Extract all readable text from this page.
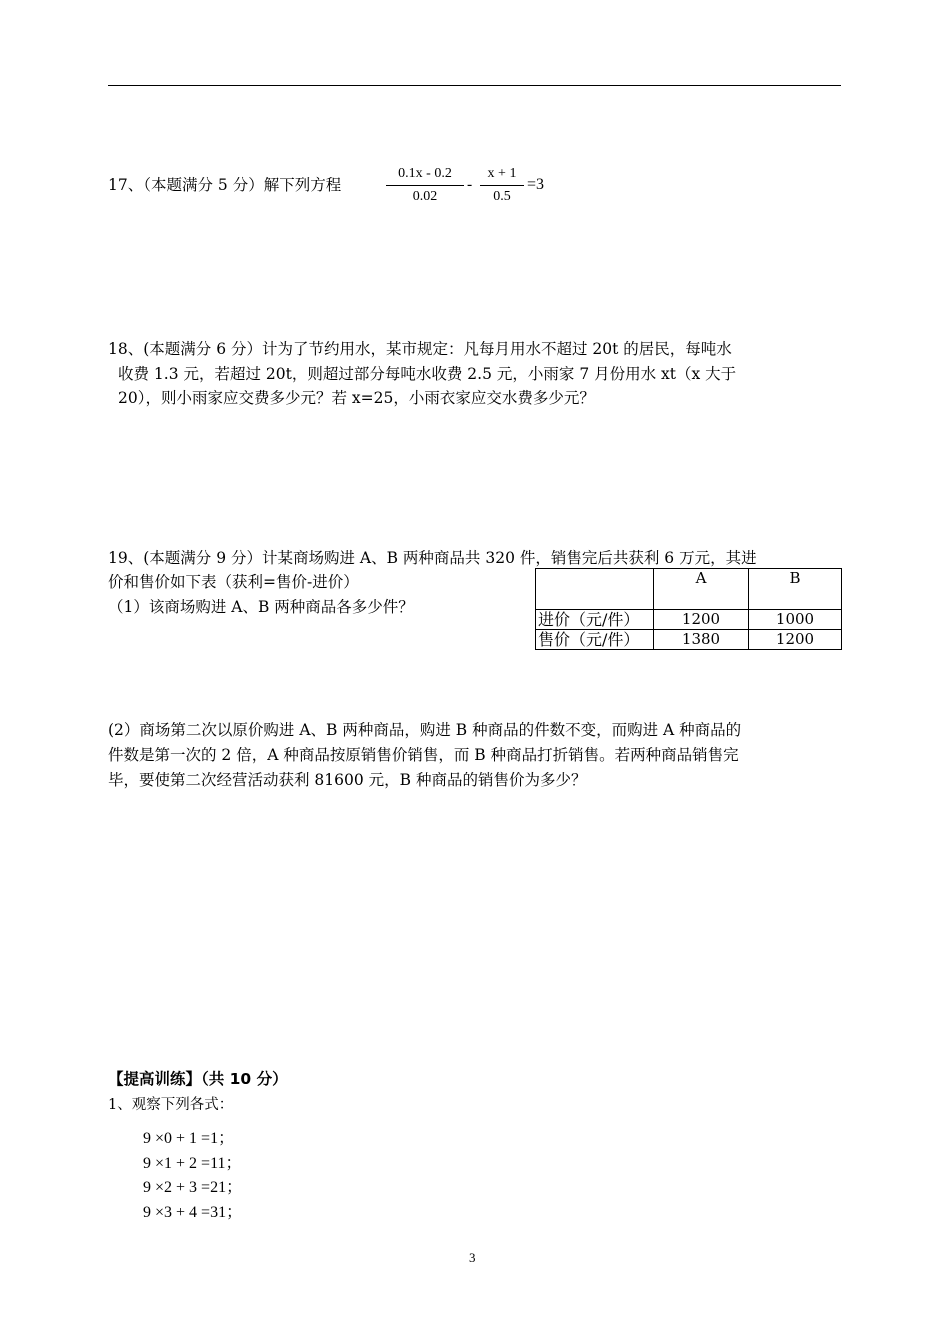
17、（本题满分 5 分）解下列方程	$\frac{0.1x - 0.2}{0.02} - \frac{x + 1}{0.5} =3$
18、(本题满分 6 分）计为了节约用水，某市规定：凡每月用水不超过 20t 的居民，每吨水
收费 1.3 元，若超过 20t，则超过部分每吨水收费 2.5 元，小雨家 7 月份用水 xt（x 大于
20），则小雨家应交费多少元？若 x=25，小雨衣家应交水费多少元？
19、(本题满分 9 分）计某商场购进 A、B 两种商品共 320 件，销售完后共获利 6 万元，其进
价和售价如下表（获利=售价-进价）
（1）该商场购进 A、B 两种商品各多少件？
	A	B
进价（元/件）	1200	1000
售价（元/件）	1380	1200
(2）商场第二次以原价购进 A、B 两种商品，购进 B 种商品的件数不变，而购进 A 种商品的
件数是第一次的 2 倍，A 种商品按原销售价销售，而 B 种商品打折销售。若两种商品销售完
毕，要使第二次经营活动获利 81600 元，B 种商品的销售价为多少？
【提高训练】（共 10 分）
1、观察下列各式：
9 ×0 + 1 =1；
9 ×1 + 2 =11；
9 ×2 + 3 =21；
9 ×3 + 4 =31；
3
